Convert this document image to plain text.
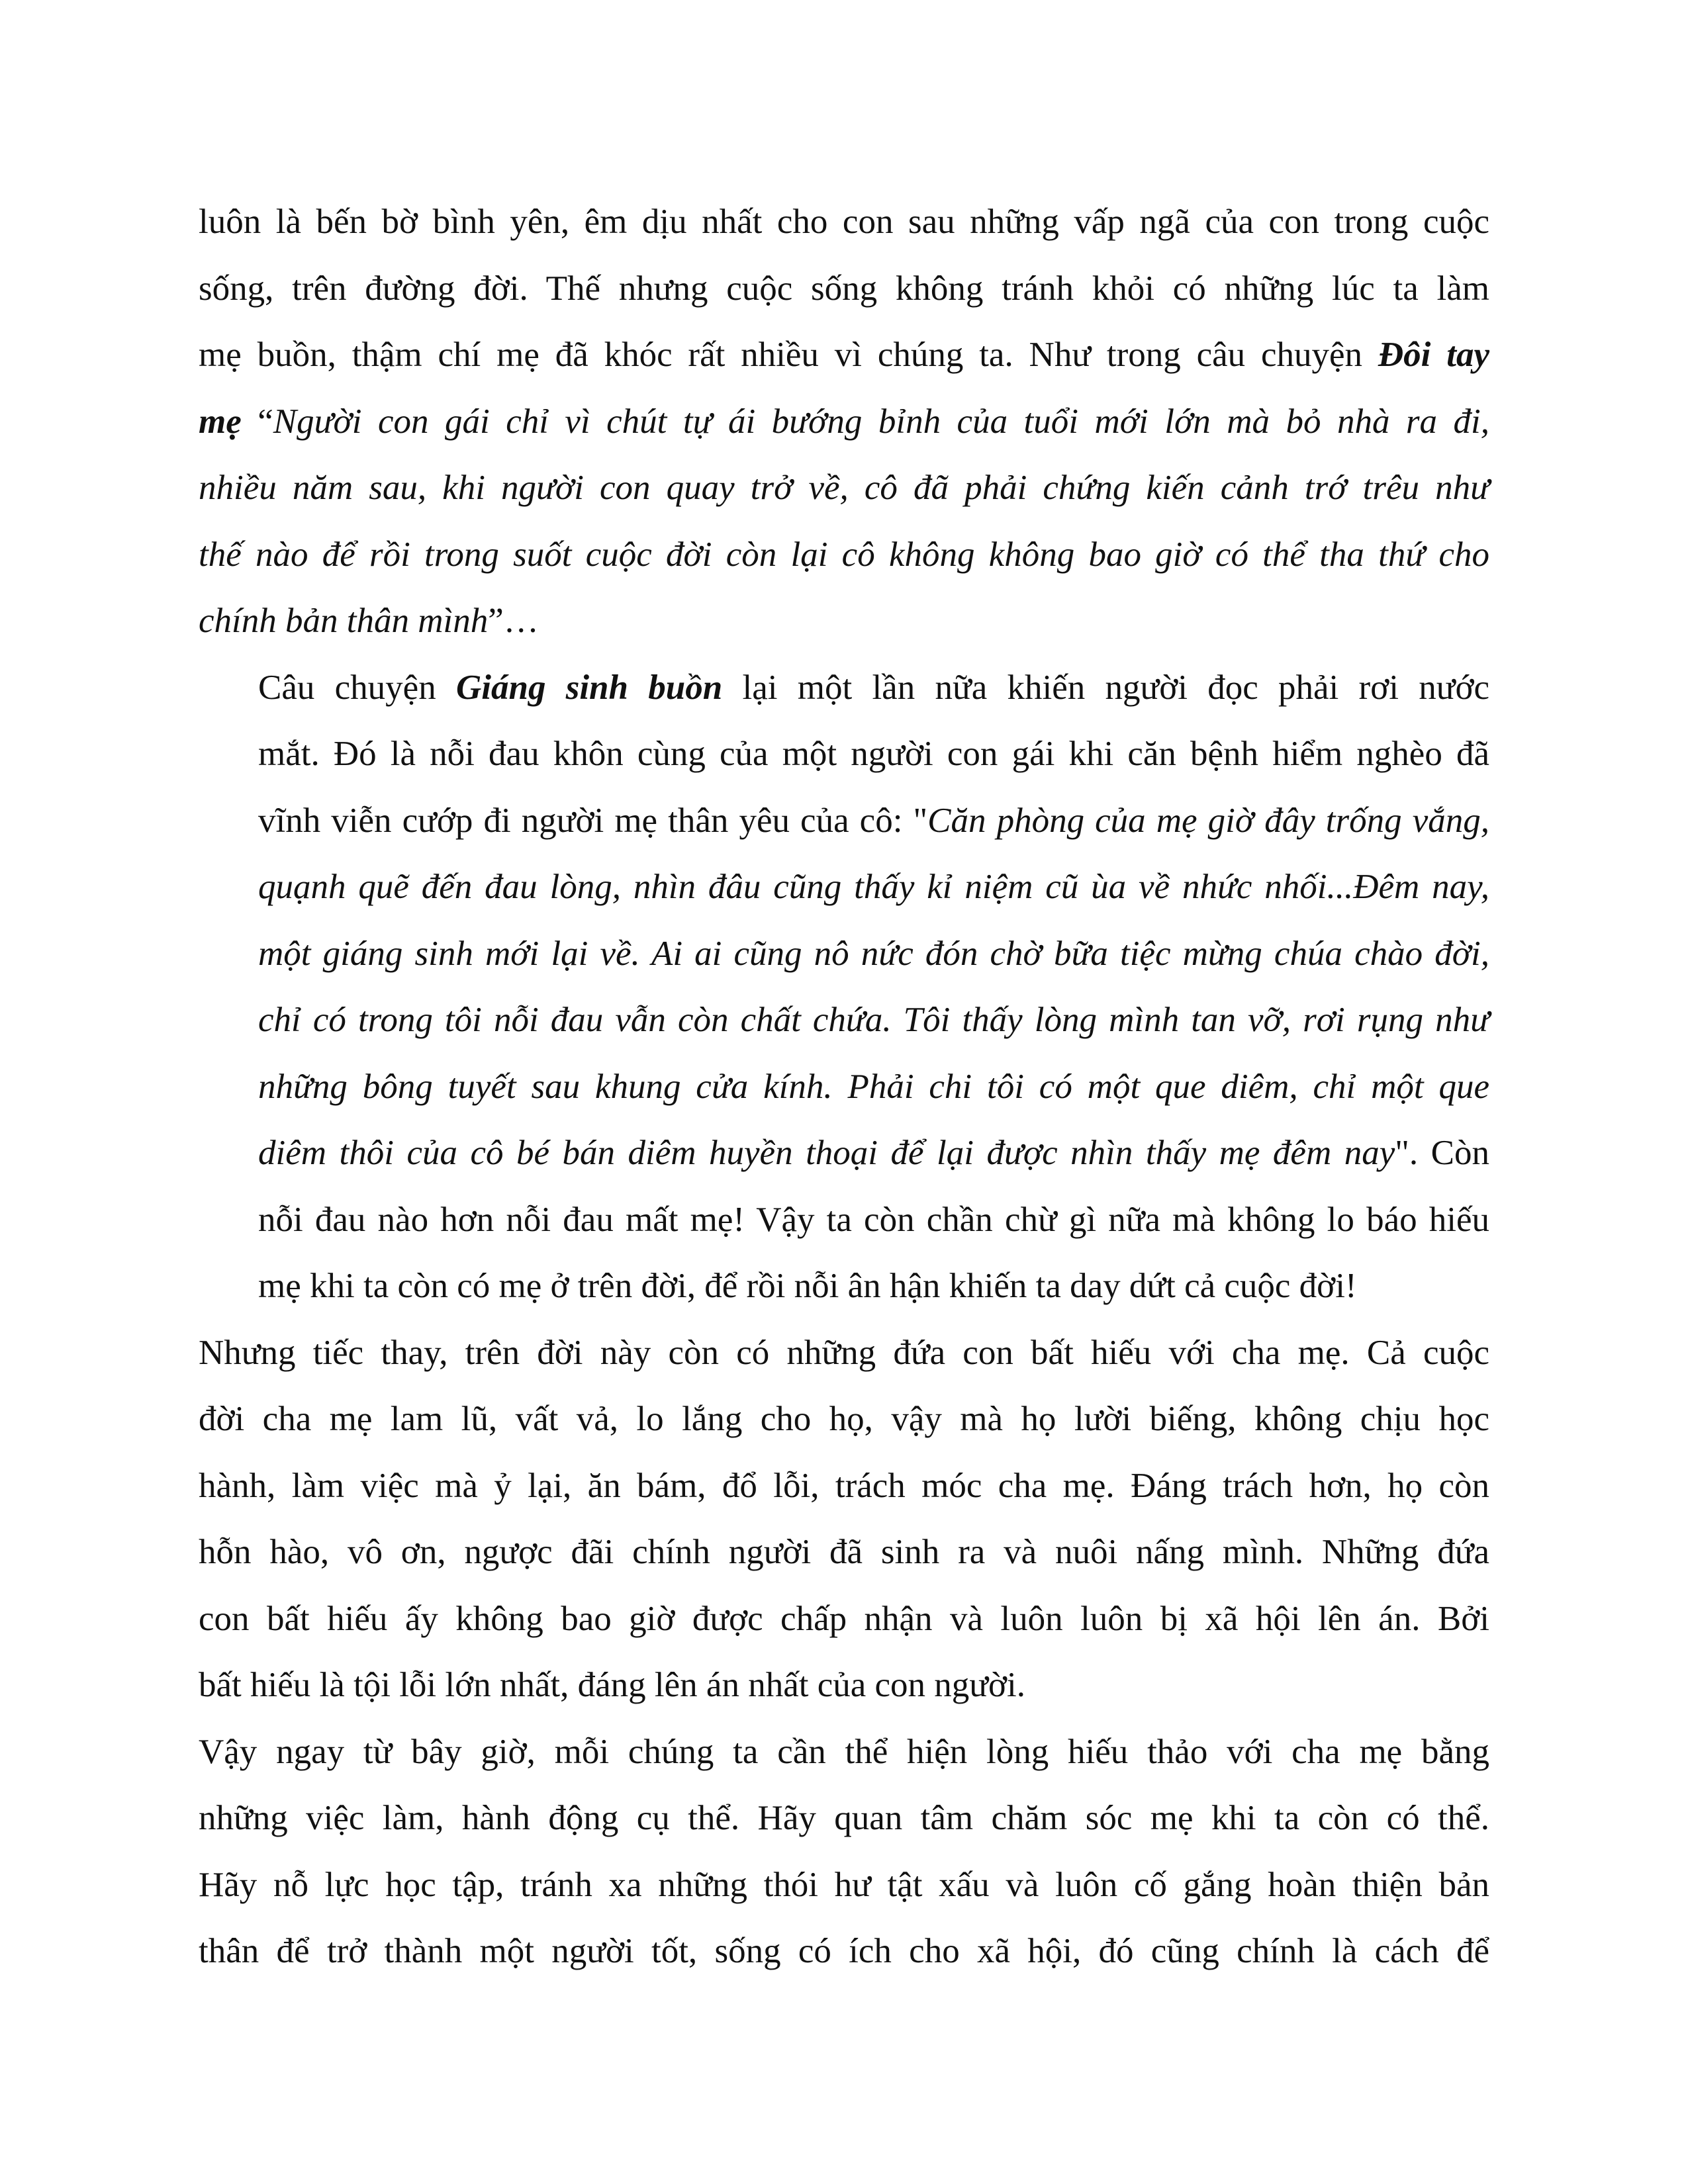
luôn là bến bờ bình yên, êm dịu nhất cho con sau những vấp ngã của con trong cuộc
sống, trên đường đời. Thế nhưng cuộc sống không tránh khỏi có những lúc ta làm
mẹ buồn, thậm chí mẹ đã khóc rất nhiều vì chúng ta. Như trong câu chuyện Đôi tay
mẹ “Người con gái chỉ vì chút tự ái bướng bỉnh của tuổi mới lớn mà bỏ nhà ra đi,
nhiều năm sau, khi người con quay trở về, cô đã phải chứng kiến cảnh trớ trêu như
thế nào để rồi trong suốt cuộc đời còn lại cô không không bao giờ có thể tha thứ cho
chính bản thân mình”…
Câu chuyện Giáng sinh buồn lại một lần nữa khiến người đọc phải rơi nước
mắt. Đó là nỗi đau khôn cùng của một người con gái khi căn bệnh hiểm nghèo đã
vĩnh viễn cướp đi người mẹ thân yêu của cô: "Căn phòng của mẹ giờ đây trống vắng,
quạnh quẽ đến đau lòng, nhìn đâu cũng thấy kỉ niệm cũ ùa về nhức nhối...Đêm nay,
một giáng sinh mới lại về. Ai ai cũng nô nức đón chờ bữa tiệc mừng chúa chào đời,
chỉ có trong tôi nỗi đau vẫn còn chất chứa. Tôi thấy lòng mình tan vỡ, rơi rụng như
những bông tuyết sau khung cửa kính. Phải chi tôi có một que diêm, chỉ một que
diêm thôi của cô bé bán diêm huyền thoại để lại được nhìn thấy mẹ đêm nay". Còn
nỗi đau nào hơn nỗi đau mất mẹ! Vậy ta còn chần chừ gì nữa mà không lo báo hiếu
mẹ khi ta còn có mẹ ở trên đời, để rồi nỗi ân hận khiến ta day dứt cả cuộc đời!
Nhưng tiếc thay, trên đời này còn có những đứa con bất hiếu với cha mẹ. Cả cuộc
đời cha mẹ lam lũ, vất vả, lo lắng cho họ, vậy mà họ lười biếng, không chịu học
hành, làm việc mà ỷ lại, ăn bám, đổ lỗi, trách móc cha mẹ. Đáng trách hơn, họ còn
hỗn hào, vô ơn, ngược đãi chính người đã sinh ra và nuôi nấng mình. Những đứa
con bất hiếu ấy không bao giờ được chấp nhận và luôn luôn bị xã hội lên án. Bởi
bất hiếu là tội lỗi lớn nhất, đáng lên án nhất của con người.
Vậy ngay từ bây giờ, mỗi chúng ta cần thể hiện lòng hiếu thảo với cha mẹ bằng
những việc làm, hành động cụ thể. Hãy quan tâm chăm sóc mẹ khi ta còn có thể.
Hãy nỗ lực học tập, tránh xa những thói hư tật xấu và luôn cố gắng hoàn thiện bản
thân để trở thành một người tốt, sống có ích cho xã hội, đó cũng chính là cách để
